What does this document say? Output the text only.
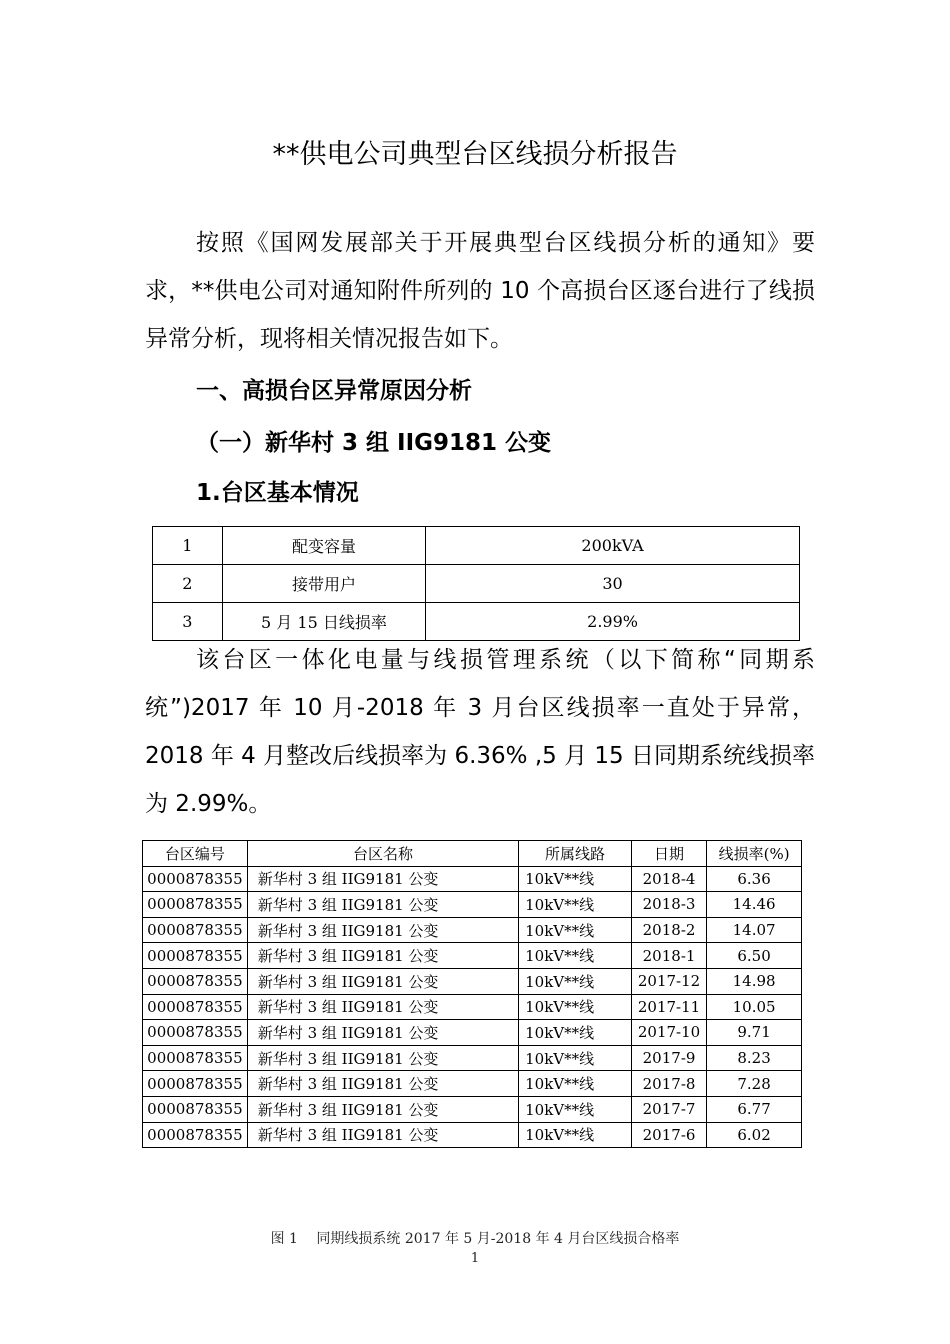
**供电公司典型台区线损分析报告
按照《国网发展部关于开展典型台区线损分析的通知》要求，**供电公司对通知附件所列的 10 个高损台区逐台进行了线损异常分析，现将相关情况报告如下。
一、高损台区异常原因分析
（一）新华村 3 组 IIG9181 公变
1.台区基本情况
1	配变容量	200kVA
2	接带用户	30
3	5 月 15 日线损率	2.99%
该台区一体化电量与线损管理系统（以下简称“同期系统”)2017 年 10 月-2018 年 3 月台区线损率一直处于异常，2018 年 4 月整改后线损率为 6.36% ,5 月 15 日同期系统线损率为 2.99%。
台区编号	台区名称	所属线路	日期	线损率(%)
0000878355	新华村 3 组 IIG9181 公变	10kV**线	2018-4	6.36
0000878355	新华村 3 组 IIG9181 公变	10kV**线	2018-3	14.46
0000878355	新华村 3 组 IIG9181 公变	10kV**线	2018-2	14.07
0000878355	新华村 3 组 IIG9181 公变	10kV**线	2018-1	6.50
0000878355	新华村 3 组 IIG9181 公变	10kV**线	2017-12	14.98
0000878355	新华村 3 组 IIG9181 公变	10kV**线	2017-11	10.05
0000878355	新华村 3 组 IIG9181 公变	10kV**线	2017-10	9.71
0000878355	新华村 3 组 IIG9181 公变	10kV**线	2017-9	8.23
0000878355	新华村 3 组 IIG9181 公变	10kV**线	2017-8	7.28
0000878355	新华村 3 组 IIG9181 公变	10kV**线	2017-7	6.77
0000878355	新华村 3 组 IIG9181 公变	10kV**线	2017-6	6.02
图 1　 同期线损系统 2017 年 5 月-2018 年 4 月台区线损合格率
1
